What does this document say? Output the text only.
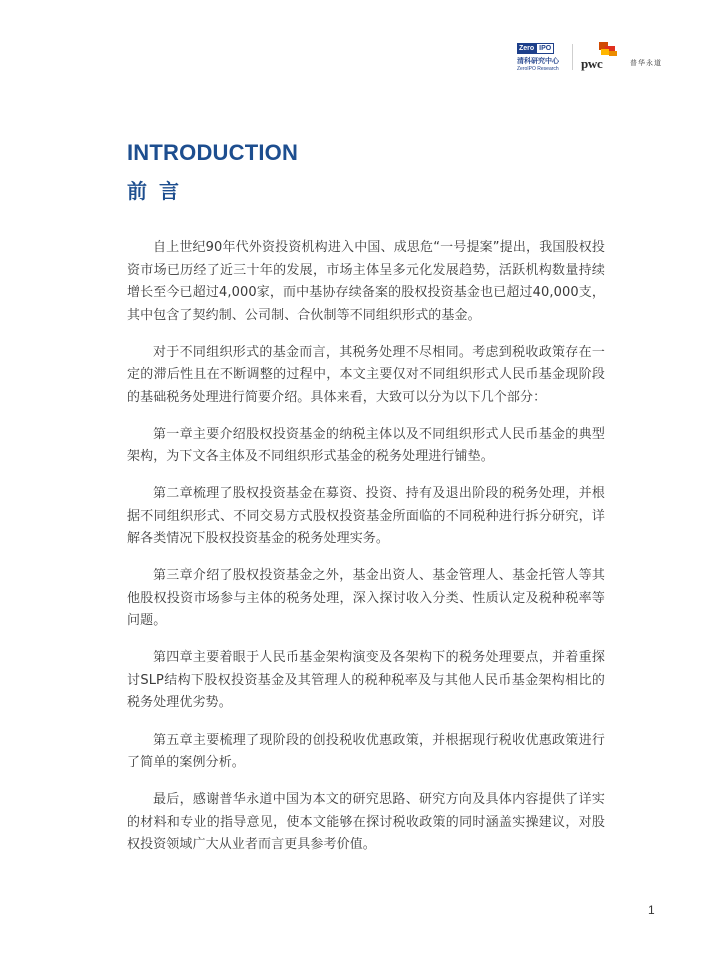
Zero IPO
清科研究中心
ZeroIPO Research	pwc	普华永道
INTRODUCTION
前言

自上世纪90年代外资投资机构进入中国、成思危“一号提案”提出，我国股权投资市场已历经了近三十年的发展，市场主体呈多元化发展趋势，活跃机构数量持续增长至今已超过4,000家，而中基协存续备案的股权投资基金也已超过40,000支，其中包含了契约制、公司制、合伙制等不同组织形式的基金。

对于不同组织形式的基金而言，其税务处理不尽相同。考虑到税收政策存在一定的滞后性且在不断调整的过程中，本文主要仅对不同组织形式人民币基金现阶段的基础税务处理进行简要介绍。具体来看，大致可以分为以下几个部分：

第一章主要介绍股权投资基金的纳税主体以及不同组织形式人民币基金的典型架构，为下文各主体及不同组织形式基金的税务处理进行铺垫。

第二章梳理了股权投资基金在募资、投资、持有及退出阶段的税务处理，并根据不同组织形式、不同交易方式股权投资基金所面临的不同税种进行拆分研究，详解各类情况下股权投资基金的税务处理实务。

第三章介绍了股权投资基金之外，基金出资人、基金管理人、基金托管人等其他股权投资市场参与主体的税务处理，深入探讨收入分类、性质认定及税种税率等问题。

第四章主要着眼于人民币基金架构演变及各架构下的税务处理要点，并着重探讨SLP结构下股权投资基金及其管理人的税种税率及与其他人民币基金架构相比的税务处理优劣势。

第五章主要梳理了现阶段的创投税收优惠政策，并根据现行税收优惠政策进行了简单的案例分析。

最后，感谢普华永道中国为本文的研究思路、研究方向及具体内容提供了详实的材料和专业的指导意见，使本文能够在探讨税收政策的同时涵盖实操建议，对股权投资领域广大从业者而言更具参考价值。

1
